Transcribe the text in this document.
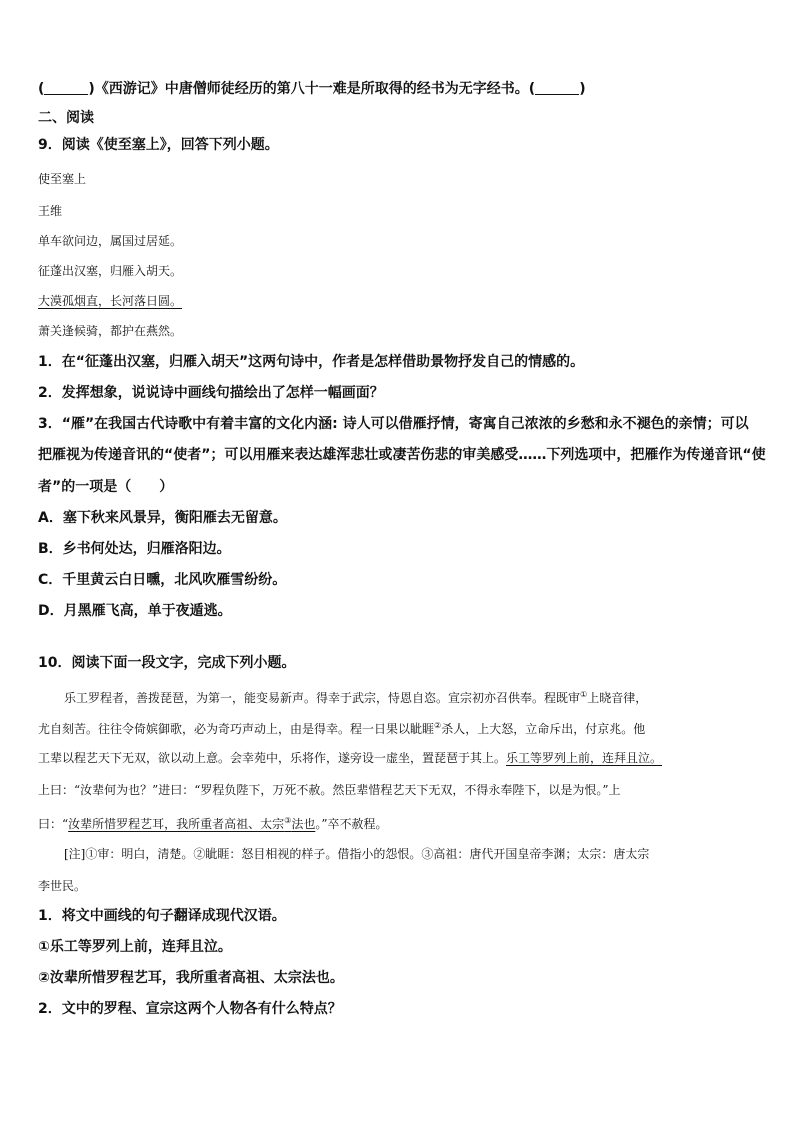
(	)《西游记》中唐僧师徒经历的第八十一难是所取得的经书为无字经书。(	)
二、阅读
9．阅读《使至塞上》，回答下列小题。
使至塞上
王维
单车欲问边，属国过居延。
征蓬出汉塞，归雁入胡天。
大漠孤烟直，长河落日圆。
萧关逢候骑，都护在燕然。
1．在“征蓬出汉塞，归雁入胡天”这两句诗中，作者是怎样借助景物抒发自己的情感的。
2．发挥想象，说说诗中画线句描绘出了怎样一幅画面？
3．“雁”在我国古代诗歌中有着丰富的文化内涵: 诗人可以借雁抒情，寄寓自己浓浓的乡愁和永不褪色的亲情；可以
把雁视为传递音讯的“使者”；可以用雁来表达雄浑悲壮或凄苦伤悲的审美感受……下列选项中，把雁作为传递音讯“使
者”的一项是（　　）
A．塞下秋来风景异，衡阳雁去无留意。
B．乡书何处达，归雁洛阳边。
C．千里黄云白日曛，北风吹雁雪纷纷。
D．月黑雁飞高，单于夜遁逃。
10．阅读下面一段文字，完成下列小题。
乐工罗程者，善拨琵琶，为第一，能变易新声。得幸于武宗，恃恩自恣。宣宗初亦召供奉。程既审①上晓音律，
尤自刻苦。往往令倚嫔御歌，必为奇巧声动上，由是得幸。程一日果以眦睚②杀人，上大怒，立命斥出，付京兆。他
工辈以程艺天下无双，欲以动上意。会幸苑中，乐将作，遂旁设一虚坐，置琵琶于其上。乐工等罗列上前，连拜且泣。
上曰：“汝辈何为也？”进曰：“罗程负陛下，万死不赦。然臣辈惜程艺天下无双，不得永奉陛下，以是为恨。”上
曰：“汝辈所惜罗程艺耳，我所重者高祖、太宗③法也。”卒不赦程。
[注]①审：明白，清楚。②眦睚：怒目相视的样子。借指小的怨恨。③高祖：唐代开国皇帝李渊；太宗：唐太宗
李世民。
1．将文中画线的句子翻译成现代汉语。
①乐工等罗列上前，连拜且泣。
②汝辈所惜罗程艺耳，我所重者高祖、太宗法也。
2．文中的罗程、宣宗这两个人物各有什么特点？
